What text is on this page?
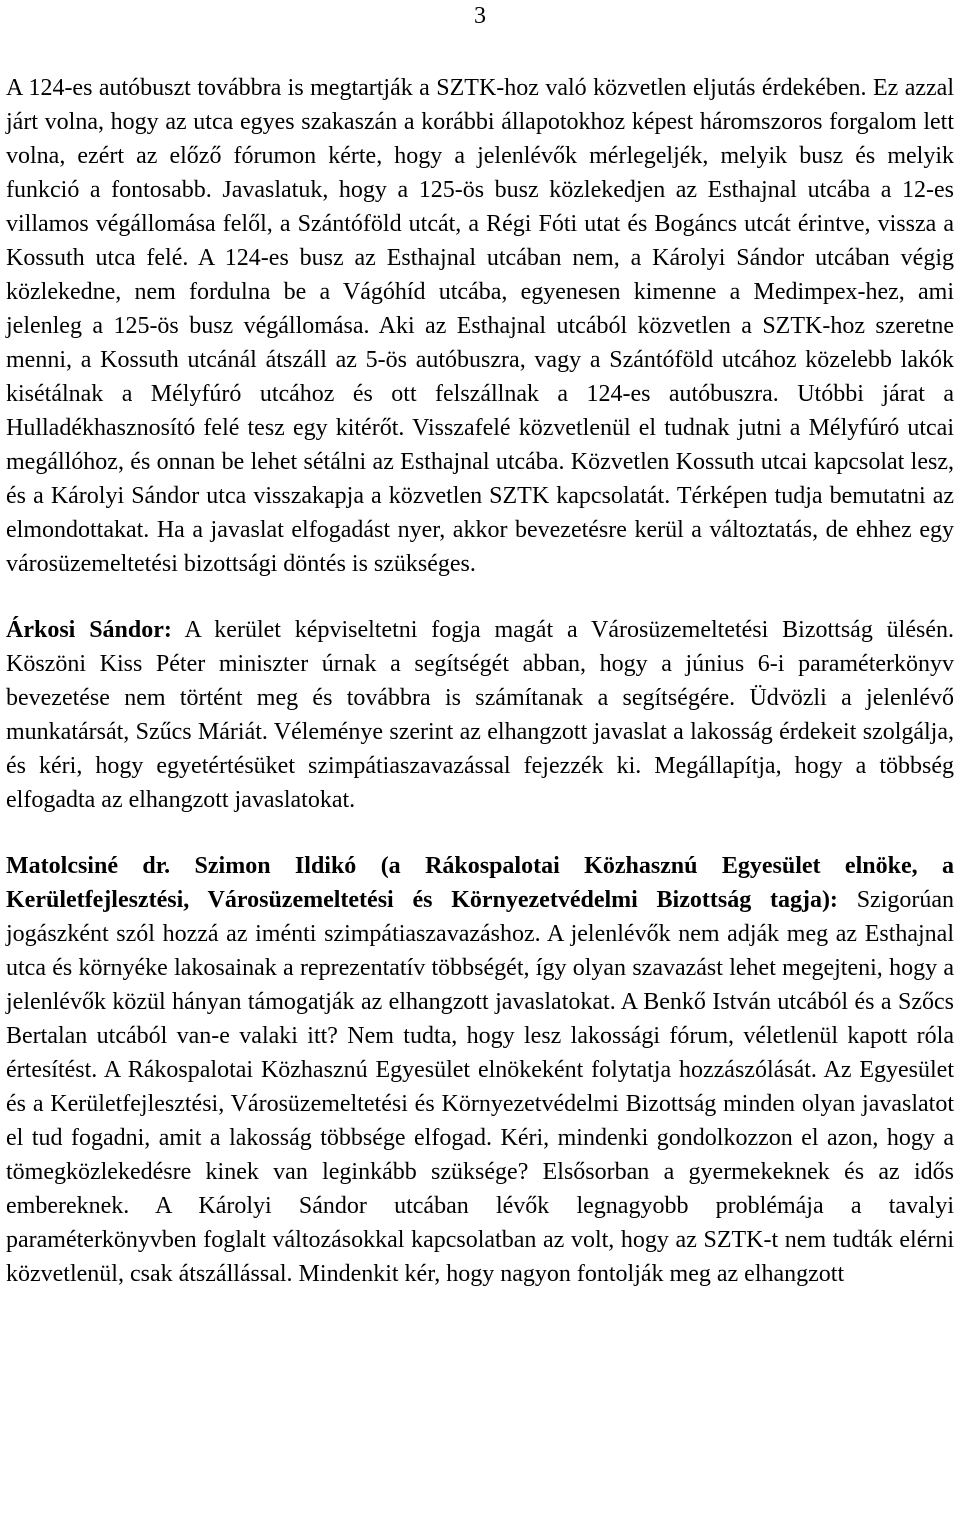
3

A 124-es autóbuszt továbbra is megtartják a SZTK-hoz való közvetlen eljutás érdekében. Ez azzal járt volna, hogy az utca egyes szakaszán a korábbi állapotokhoz képest háromszoros forgalom lett volna, ezért az előző fórumon kérte, hogy a jelenlévők mérlegeljék, melyik busz és melyik funkció a fontosabb. Javaslatuk, hogy a 125-ös busz közlekedjen az Esthajnal utcába a 12-es villamos végállomása felől, a Szántóföld utcát, a Régi Fóti utat és Bogáncs utcát érintve, vissza a Kossuth utca felé. A 124-es busz az Esthajnal utcában nem, a Károlyi Sándor utcában végig közlekedne, nem fordulna be a Vágóhíd utcába, egyenesen kimenne a Medimpex-hez, ami jelenleg a 125-ös busz végállomása. Aki az Esthajnal utcából közvetlen a SZTK-hoz szeretne menni, a Kossuth utcánál átszáll az 5-ös autóbuszra, vagy a Szántóföld utcához közelebb lakók kisétálnak a Mélyfúró utcához és ott felszállnak a 124-es autóbuszra. Utóbbi járat a Hulladékhasznosító felé tesz egy kitérőt. Visszafelé közvetlenül el tudnak jutni a Mélyfúró utcai megállóhoz, és onnan be lehet sétálni az Esthajnal utcába. Közvetlen Kossuth utcai kapcsolat lesz, és a Károlyi Sándor utca visszakapja a közvetlen SZTK kapcsolatát. Térképen tudja bemutatni az elmondottakat. Ha a javaslat elfogadást nyer, akkor bevezetésre kerül a változtatás, de ehhez egy városüzemeltetési bizottsági döntés is szükséges.

Árkosi Sándor: A kerület képviseltetni fogja magát a Városüzemeltetési Bizottság ülésén. Köszöni Kiss Péter miniszter úrnak a segítségét abban, hogy a június 6-i paraméterkönyv bevezetése nem történt meg és továbbra is számítanak a segítségére. Üdvözli a jelenlévő munkatársát, Szűcs Máriát. Véleménye szerint az elhangzott javaslat a lakosság érdekeit szolgálja, és kéri, hogy egyetértésüket szimpátiaszavazással fejezzék ki. Megállapítja, hogy a többség elfogadta az elhangzott javaslatokat.

Matolcsiné dr. Szimon Ildikó (a Rákospalotai Közhasznú Egyesület elnöke, a Kerületfejlesztési, Városüzemeltetési és Környezetvédelmi Bizottság tagja): Szigorúan jogászként szól hozzá az iménti szimpátiaszavazáshoz. A jelenlévők nem adják meg az Esthajnal utca és környéke lakosainak a reprezentatív többségét, így olyan szavazást lehet megejteni, hogy a jelenlévők közül hányan támogatják az elhangzott javaslatokat. A Benkő István utcából és a Szőcs Bertalan utcából van-e valaki itt? Nem tudta, hogy lesz lakossági fórum, véletlenül kapott róla értesítést. A Rákospalotai Közhasznú Egyesület elnökeként folytatja hozzászólását. Az Egyesület és a Kerületfejlesztési, Városüzemeltetési és Környezetvédelmi Bizottság minden olyan javaslatot el tud fogadni, amit a lakosság többsége elfogad. Kéri, mindenki gondolkozzon el azon, hogy a tömegközlekedésre kinek van leginkább szüksége? Elsősorban a gyermekeknek és az idős embereknek. A Károlyi Sándor utcában lévők legnagyobb problémája a tavalyi paraméterkönyvben foglalt változásokkal kapcsolatban az volt, hogy az SZTK-t nem tudták elérni közvetlenül, csak átszállással. Mindenkit kér, hogy nagyon fontolják meg az elhangzott
